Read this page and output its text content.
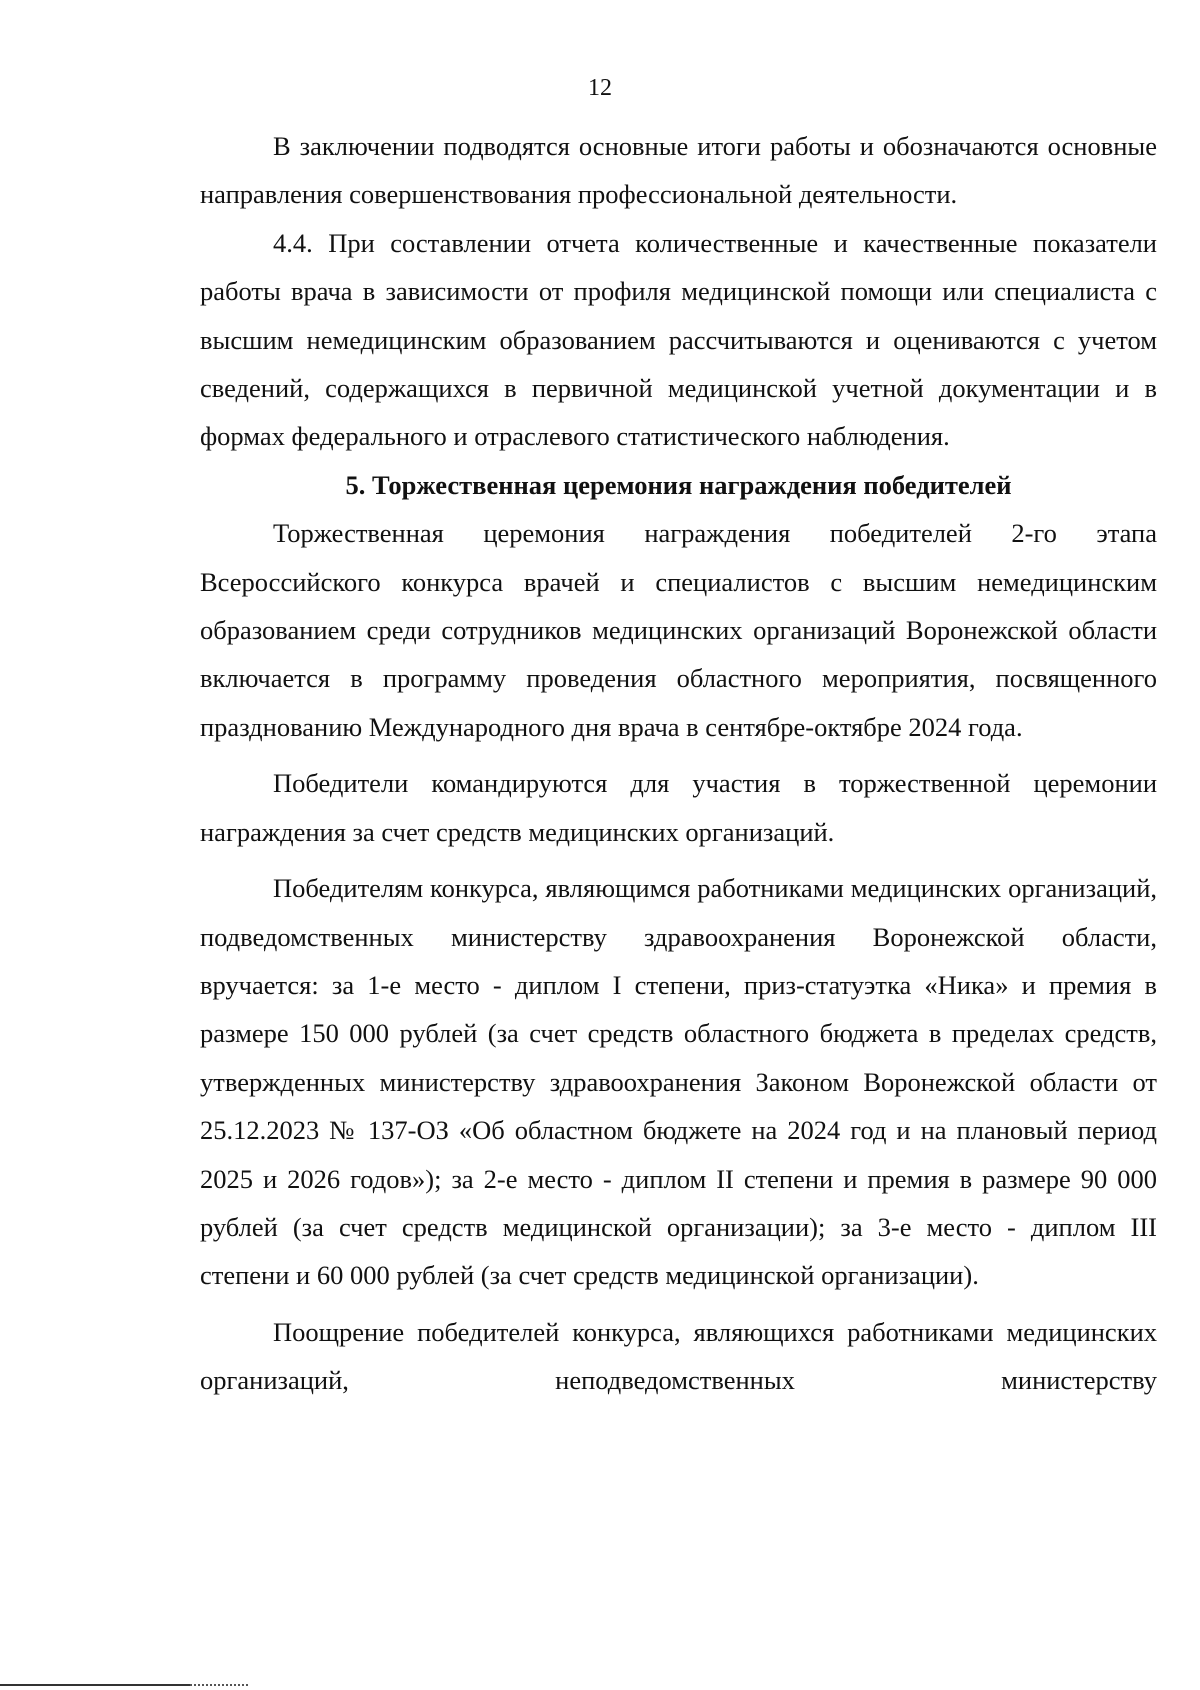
12

В заключении подводятся основные итоги работы и обозначаются основные направления совершенствования профессиональной деятельности.

4.4. При составлении отчета количественные и качественные показатели работы врача в зависимости от профиля медицинской помощи или специалиста с высшим немедицинским образованием рассчитываются и оцениваются с учетом сведений, содержащихся в первичной медицинской учетной документации и в формах федерального и отраслевого статистического наблюдения.

5. Торжественная церемония награждения победителей

Торжественная церемония награждения победителей 2-го этапа Всероссийского конкурса врачей и специалистов с высшим немедицинским образованием среди сотрудников медицинских организаций Воронежской области включается в программу проведения областного мероприятия, посвященного празднованию Международного дня врача в сентябре-октябре 2024 года.

Победители командируются для участия в торжественной церемонии награждения за счет средств медицинских организаций.

Победителям конкурса, являющимся работниками медицинских организаций, подведомственных министерству здравоохранения Воронежской области, вручается: за 1-е место - диплом I степени, приз-статуэтка «Ника» и премия в размере 150 000 рублей (за счет средств областного бюджета в пределах средств, утвержденных министерству здравоохранения Законом Воронежской области от 25.12.2023 № 137-ОЗ «Об областном бюджете на 2024 год и на плановый период 2025 и 2026 годов»); за 2-е место - диплом II степени и премия в размере 90 000 рублей (за счет средств медицинской организации); за 3-е место - диплом III степени и 60 000 рублей (за счет средств медицинской организации).

Поощрение победителей конкурса, являющихся работниками медицинских организаций, неподведомственных министерству
